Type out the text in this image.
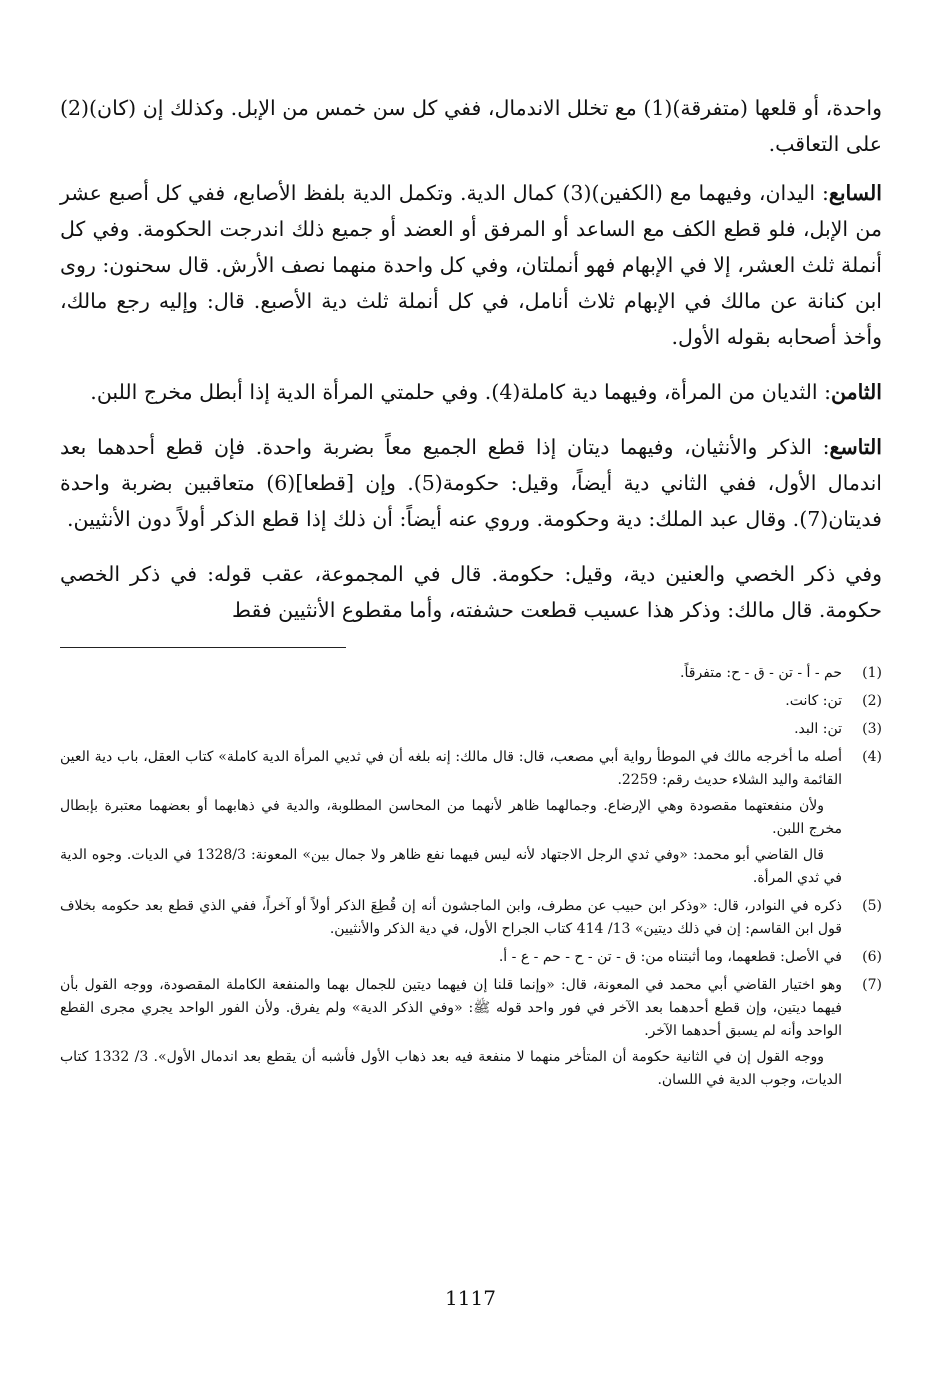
واحدة، أو قلعها (متفرقة)(1) مع تخلل الاندمال، ففي كل سن خمس من الإبل. وكذلك إن (كان)(2) على التعاقب.

السابع: اليدان، وفيهما مع (الكفين)(3) كمال الدية. وتكمل الدية بلفظ الأصابع، ففي كل أصبع عشر من الإبل، فلو قطع الكف مع الساعد أو المرفق أو العضد أو جميع ذلك اندرجت الحكومة. وفي كل أنملة ثلث العشر، إلا في الإبهام فهو أنملتان، وفي كل واحدة منهما نصف الأرش. قال سحنون: روى ابن كنانة عن مالك في الإبهام ثلاث أنامل، في كل أنملة ثلث دية الأصبع. قال: وإليه رجع مالك، وأخذ أصحابه بقوله الأول.

الثامن: الثديان من المرأة، وفيهما دية كاملة(4). وفي حلمتي المرأة الدية إذا أبطل مخرج اللبن.

التاسع: الذكر والأنثيان، وفيهما ديتان إذا قطع الجميع معاً بضربة واحدة. فإن قطع أحدهما بعد اندمال الأول، ففي الثاني دية أيضاً، وقيل: حكومة(5). وإن [قطعا](6) متعاقبين بضربة واحدة فديتان(7). وقال عبد الملك: دية وحكومة. وروي عنه أيضاً: أن ذلك إذا قطع الذكر أولاً دون الأنثيين.

وفي ذكر الخصي والعنين دية، وقيل: حكومة. قال في المجموعة، عقب قوله: في ذكر الخصي حكومة. قال مالك: وذكر هذا عسيب قطعت حشفته، وأما مقطوع الأنثيين فقط

(1)

حم - أ - تن - ق - ح: متفرقاً.

(2)

تن: كانت.

(3)

تن: البد.

(4)

أصله ما أخرجه مالك في الموطأ رواية أبي مصعب، قال: قال مالك: إنه بلغه أن في ثديي المرأة الدية كاملة» كتاب العقل، باب دية العين القائمة واليد الشلاء حديث رقم: 2259.

ولأن منفعتهما مقصودة وهي الإرضاع. وجمالهما ظاهر لأنهما من المحاسن المطلوبة، والدية في ذهابهما أو بعضهما معتبرة بإبطال مخرج اللبن.

قال القاضي أبو محمد: «وفي ثدي الرجل الاجتهاد لأنه ليس فيهما نفع ظاهر ولا جمال بين» المعونة: 1328/3 في الديات. وجوه الدية في ثدي المرأة.

(5)

ذكره في النوادر، قال: «وذكر ابن حبيب عن مطرف، وابن الماجشون أنه إن قُطِعَ الذكر أولاً أو آخراً، ففي الذي قطع بعد حكومه بخلاف قول ابن القاسم: إن في ذلك ديتين» 13/ 414 كتاب الجراح الأول، في دية الذكر والأنثيين.

(6)

في الأصل: قطعهما، وما أثبتناه من: ق - تن - ح - حم - ع - أ.

(7)

وهو اختيار القاضي أبي محمد في المعونة، قال: «وإنما قلنا إن فيهما ديتين للجمال بهما والمنفعة الكاملة المقصودة، ووجه القول بأن فيهما ديتين، وإن قطع أحدهما بعد الآخر في فور واحد قوله ﷺ: «وفي الذكر الدية» ولم يفرق. ولأن الفور الواحد يجري مجرى القطع الواحد وأنه لم يسبق أحدهما الآخر.

ووجه القول إن في الثانية حكومة أن المتأخر منهما لا منفعة فيه بعد ذهاب الأول فأشبه أن يقطع بعد اندمال الأول». 3/ 1332 كتاب الديات، وجوب الدية في اللسان.

1117
